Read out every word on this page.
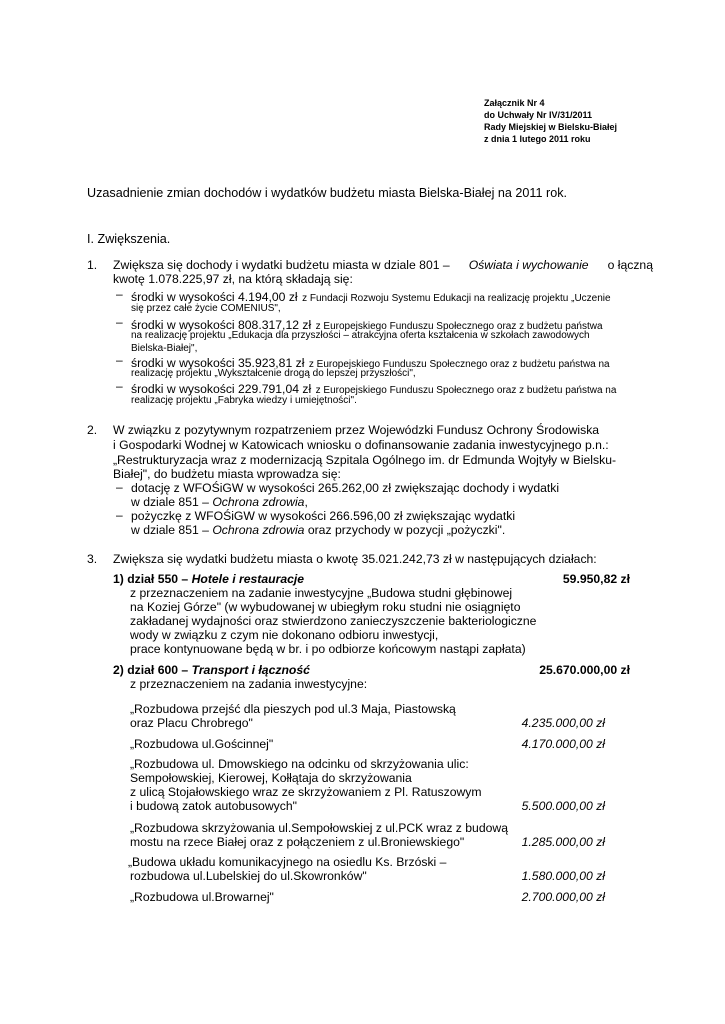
Załącznik Nr 4
do Uchwały Nr IV/31/2011
Rady Miejskiej w Bielsku-Białej
z dnia 1 lutego 2011 roku
Uzasadnienie zmian dochodów i wydatków budżetu miasta Bielska-Białej na 2011 rok.
I. Zwiększenia.
1. Zwiększa się dochody i wydatki budżetu miasta w dziale 801 – Oświata i wychowanie o łączną
kwotę 1.078.225,97 zł, na którą składają się:
– środki w wysokości 4.194,00 zł z Fundacji Rozwoju Systemu Edukacji na realizację projektu „Uczenie
się przez całe życie COMENIUS",
– środki w wysokości 808.317,12 zł z Europejskiego Funduszu Społecznego oraz z budżetu państwa
na realizację projektu „Edukacja dla przyszłości – atrakcyjna oferta kształcenia w szkołach zawodowych
Bielska-Białej",
– środki w wysokości 35.923,81 zł z Europejskiego Funduszu Społecznego oraz z budżetu państwa na
realizację projektu „Wykształcenie drogą do lepszej przyszłości",
– środki w wysokości 229.791,04 zł z Europejskiego Funduszu Społecznego oraz z budżetu państwa na
realizację projektu „Fabryka wiedzy i umiejętności".
2. W związku z pozytywnym rozpatrzeniem przez Wojewódzki Fundusz Ochrony Środowiska
i Gospodarki Wodnej w Katowicach wniosku o dofinansowanie zadania inwestycyjnego p.n.:
„Restrukturyzacja wraz z modernizacją Szpitala Ogólnego im. dr Edmunda Wojtyły w Bielsku-
Białej", do budżetu miasta wprowadza się:
– dotację z WFOŚiGW w wysokości 265.262,00 zł zwiększając dochody i wydatki
w dziale 851 – Ochrona zdrowia,
– pożyczkę z WFOŚiGW w wysokości 266.596,00 zł zwiększając wydatki
w dziale 851 – Ochrona zdrowia oraz przychody w pozycji „pożyczki".
3. Zwiększa się wydatki budżetu miasta o kwotę 35.021.242,73 zł w następujących działach:
1) dział 550 – Hotele i restauracje	59.950,82 zł
z przeznaczeniem na zadanie inwestycyjne „Budowa studni głębinowej
na Koziej Górze" (w wybudowanej w ubiegłym roku studni nie osiągnięto
zakładanej wydajności oraz stwierdzono zanieczyszczenie bakteriologiczne
wody w związku z czym nie dokonano odbioru inwestycji,
prace kontynuowane będą w br. i po odbiorze końcowym nastąpi zapłata)
2) dział 600 – Transport i łączność	25.670.000,00 zł
z przeznaczeniem na zadania inwestycyjne:
„Rozbudowa przejść dla pieszych pod ul.3 Maja, Piastowską
oraz Placu Chrobrego"	4.235.000,00 zł
„Rozbudowa ul.Gościnnej"	4.170.000,00 zł
„Rozbudowa ul. Dmowskiego na odcinku od skrzyżowania ulic:
Sempołowskiej, Kierowej, Kołłątaja do skrzyżowania
z ulicą Stojałowskiego wraz ze skrzyżowaniem z Pl. Ratuszowym
i budową zatok autobusowych"	5.500.000,00 zł
„Rozbudowa skrzyżowania ul.Sempołowskiej z ul.PCK wraz z budową
mostu na rzece Białej oraz z połączeniem z ul.Broniewskiego"	1.285.000,00 zł
„Budowa układu komunikacyjnego na osiedlu Ks. Brzóski –
rozbudowa ul.Lubelskiej do ul.Skowronków"	1.580.000,00 zł
„Rozbudowa ul.Browarnej"	2.700.000,00 zł
